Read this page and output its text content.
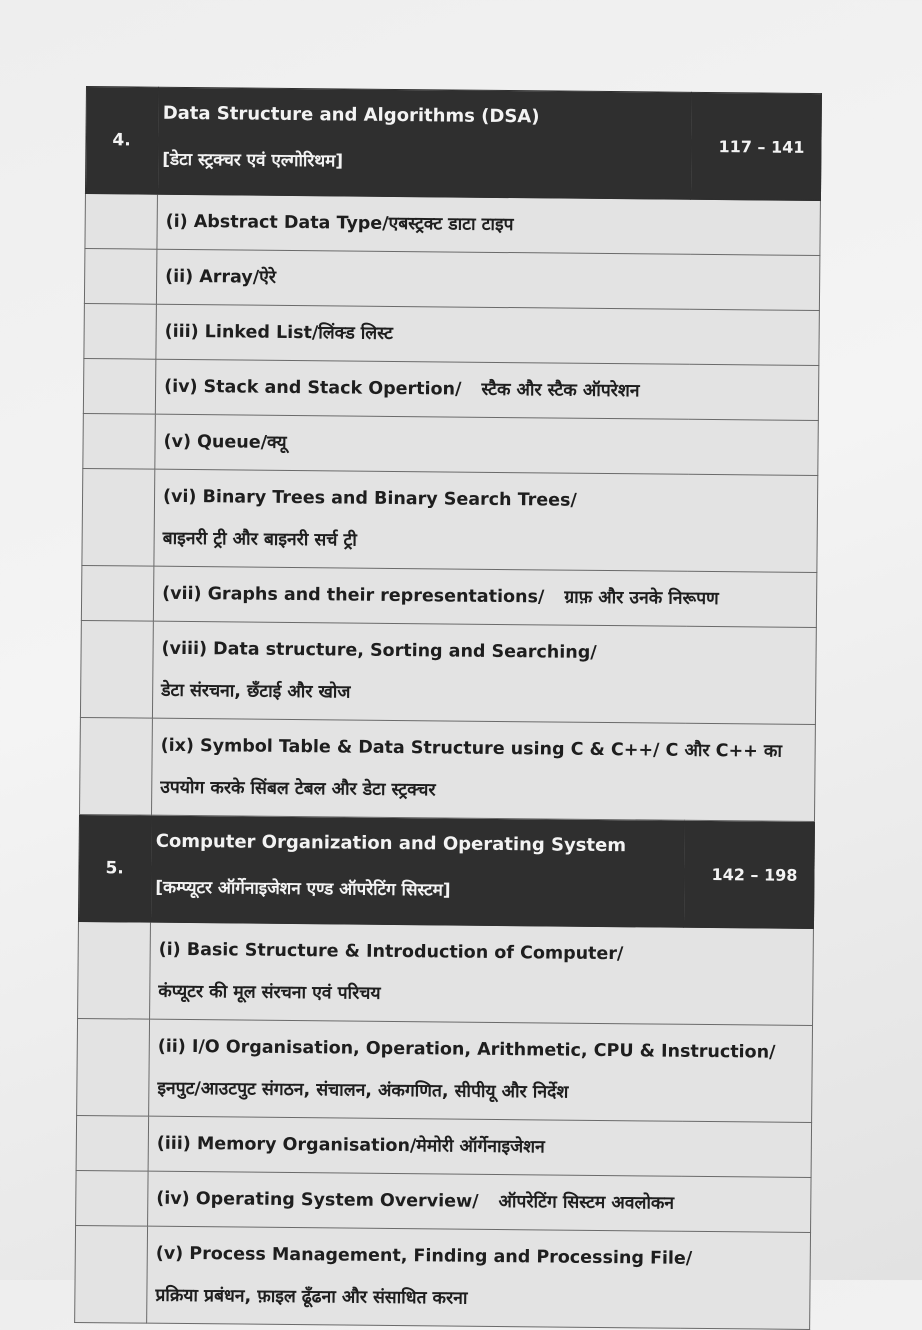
4.	Data Structure and Algorithms (DSA)
[डेटा स्ट्रक्चर एवं एल्गोरिथम]	117 – 141

	(i) Abstract Data Type/एबस्ट्रक्ट डाटा टाइप	

	(ii) Array/ऐरे	

	(iii) Linked List/लिंक्ड लिस्ट	

	(iv) Stack and Stack Opertion/ स्टैक और स्टैक ऑपरेशन	

	(v) Queue/क्यू	

	(vi) Binary Trees and Binary Search Trees/
बाइनरी ट्री और बाइनरी सर्च ट्री	

	(vii) Graphs and their representations/ ग्राफ़ और उनके निरूपण	

	(viii) Data structure, Sorting and Searching/
डेटा संरचना, छँटाई और खोज	

	(ix) Symbol Table & Data Structure using C & C++/ C और C++ का
उपयोग करके सिंबल टेबल और डेटा स्ट्रक्चर	

5.	Computer Organization and Operating System
[कम्प्यूटर ऑर्गेनाइजेशन एण्ड ऑपरेटिंग सिस्टम]	142 – 198

	(i) Basic Structure & Introduction of Computer/
कंप्यूटर की मूल संरचना एवं परिचय	

	(ii) I/O Organisation, Operation, Arithmetic, CPU & Instruction/
इनपुट/आउटपुट संगठन, संचालन, अंकगणित, सीपीयू और निर्देश	

	(iii) Memory Organisation/मेमोरी ऑर्गेनाइजेशन	

	(iv) Operating System Overview/ ऑपरेटिंग सिस्टम अवलोकन	

	(v) Process Management, Finding and Processing File/
प्रक्रिया प्रबंधन, फ़ाइल ढूँढना और संसाधित करना	
